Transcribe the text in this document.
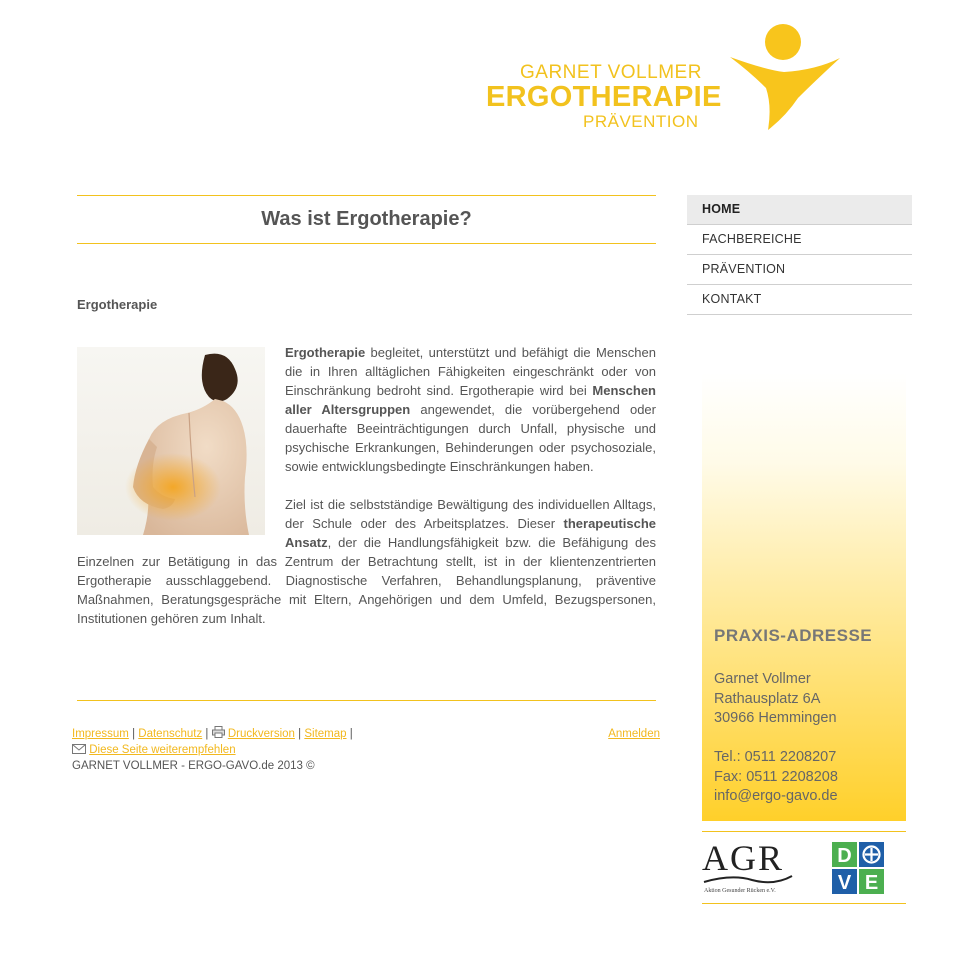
GARNET VOLLMER
ERGOTHERAPIE
PRÄVENTION
Was ist Ergotherapie?
Ergotherapie

Ergotherapie begleitet, unterstützt und befähigt die Menschen die in Ihren alltäglichen Fähigkeiten eingeschränkt oder von Einschränkung bedroht sind. Ergotherapie wird bei Menschen aller Altersgruppen angewendet, die vorübergehend oder dauerhafte Beeinträchtigungen durch Unfall, physische und psychische Erkrankungen, Behinderungen oder psychosoziale, sowie entwicklungsbedingte Einschränkungen haben.

Ziel ist die selbstständige Bewältigung des individuellen Alltags, der Schule oder des Arbeitsplatzes. Dieser therapeutische Ansatz, der die Handlungsfähigkeit bzw. die Befähigung des Einzelnen zur Betätigung in das Zentrum der Betrachtung stellt, ist in der klientenzentrierten Ergotherapie ausschlaggebend. Diagnostische Verfahren, Behandlungsplanung, präventive Maßnahmen, Beratungsgespräche mit Eltern, Angehörigen und dem Umfeld, Bezugspersonen, Institutionen gehören zum Inhalt.

Impressum | Datenschutz | Druckversion | Sitemap |
Diese Seite weiterempfehlen
GARNET VOLLMER - ERGO-GAVO.de 2013 ©
Anmelden
HOME
FACHBEREICHE
PRÄVENTION
KONTAKT
PRAXIS-ADRESSE
Garnet Vollmer
Rathausplatz 6A
30966 Hemmingen
Tel.: 0511 2208207
Fax: 0511 2208208
info@ergo-gavo.de
AGR
Aktion Gesunder Rücken e.V.
D
V E
